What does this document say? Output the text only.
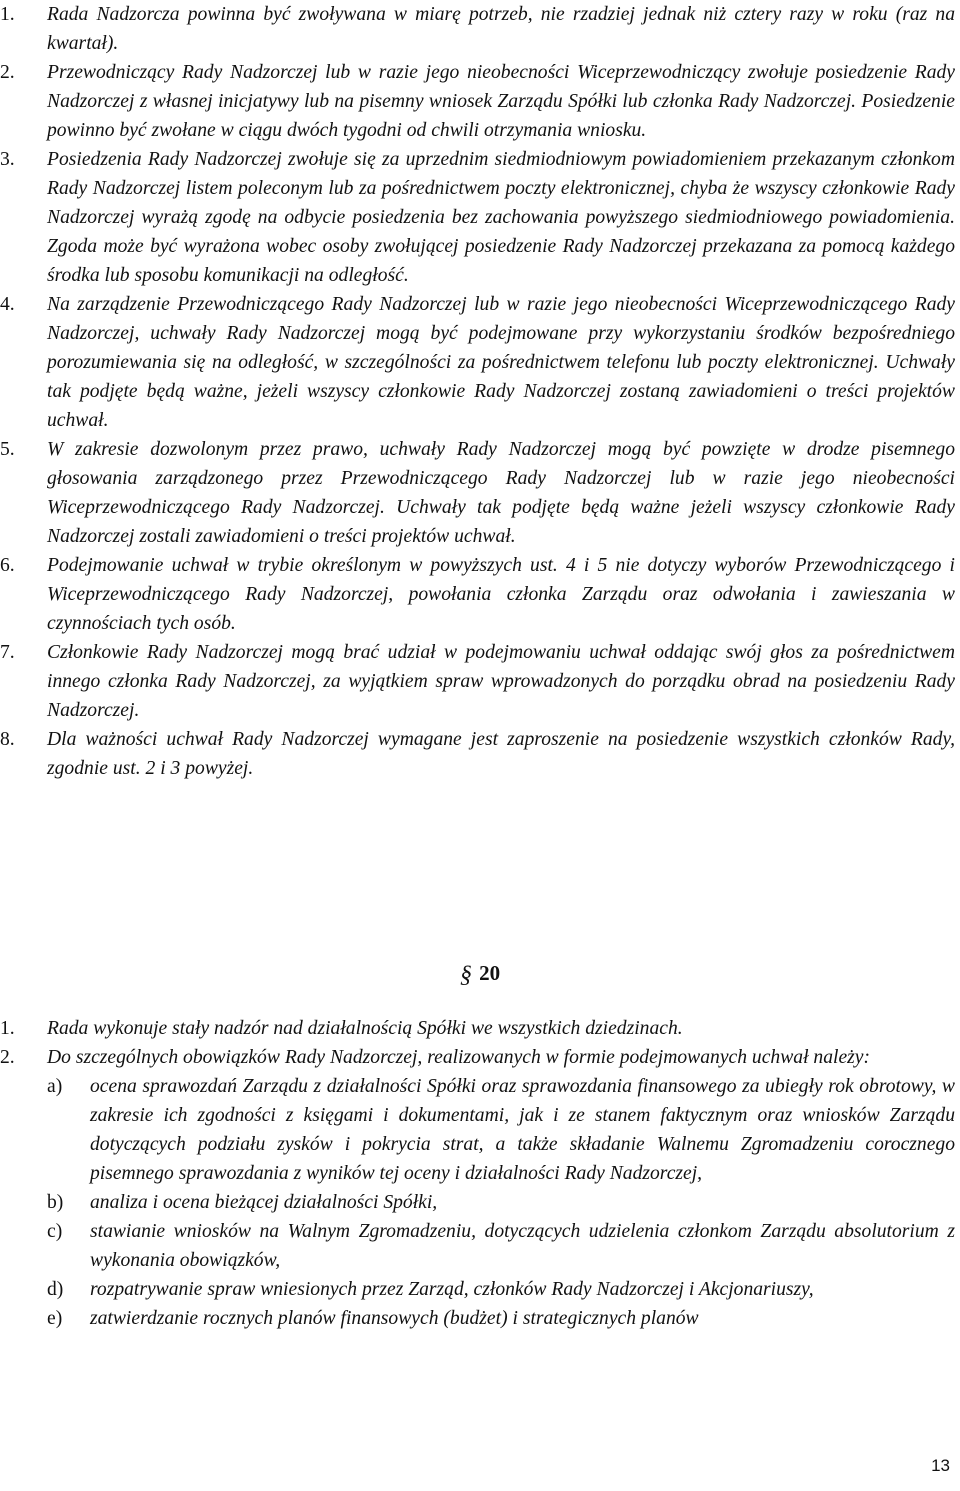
1. Rada Nadzorcza powinna być zwoływana w miarę potrzeb, nie rzadziej jednak niż cztery razy w roku (raz na kwartał).
2. Przewodniczący Rady Nadzorczej lub w razie jego nieobecności Wiceprzewodniczący zwołuje posiedzenie Rady Nadzorczej z własnej inicjatywy lub na pisemny wniosek Zarządu Spółki lub członka Rady Nadzorczej. Posiedzenie powinno być zwołane w ciągu dwóch tygodni od chwili otrzymania wniosku.
3. Posiedzenia Rady Nadzorczej zwołuje się za uprzednim siedmiodniowym powiadomieniem przekazanym członkom Rady Nadzorczej listem poleconym lub za pośrednictwem poczty elektronicznej, chyba że wszyscy członkowie Rady Nadzorczej wyrażą zgodę na odbycie posiedzenia bez zachowania powyższego siedmiodniowego powiadomienia. Zgoda może być wyrażona wobec osoby zwołującej posiedzenie Rady Nadzorczej przekazana za pomocą każdego środka lub sposobu komunikacji na odległość.
4. Na zarządzenie Przewodniczącego Rady Nadzorczej lub w razie jego nieobecności Wiceprzewodniczącego Rady Nadzorczej, uchwały Rady Nadzorczej mogą być podejmowane przy wykorzystaniu środków bezpośredniego porozumiewania się na odległość, w szczególności za pośrednictwem telefonu lub poczty elektronicznej. Uchwały tak podjęte będą ważne, jeżeli wszyscy członkowie Rady Nadzorczej zostaną zawiadomieni o treści projektów uchwał.
5. W zakresie dozwolonym przez prawo, uchwały Rady Nadzorczej mogą być powzięte w drodze pisemnego głosowania zarządzonego przez Przewodniczącego Rady Nadzorczej lub w razie jego nieobecności Wiceprzewodniczącego Rady Nadzorczej. Uchwały tak podjęte będą ważne jeżeli wszyscy członkowie Rady Nadzorczej zostali zawiadomieni o treści projektów uchwał.
6. Podejmowanie uchwał w trybie określonym w powyższych ust. 4 i 5 nie dotyczy wyborów Przewodniczącego i Wiceprzewodniczącego Rady Nadzorczej, powołania członka Zarządu oraz odwołania i zawieszania w czynnościach tych osób.
7. Członkowie Rady Nadzorczej mogą brać udział w podejmowaniu uchwał oddając swój głos za pośrednictwem innego członka Rady Nadzorczej, za wyjątkiem spraw wprowadzonych do porządku obrad na posiedzeniu Rady Nadzorczej.
8. Dla ważności uchwał Rady Nadzorczej wymagane jest zaproszenie na posiedzenie wszystkich członków Rady, zgodnie ust. 2 i 3 powyżej.
§ 20
1. Rada wykonuje stały nadzór nad działalnością Spółki we wszystkich dziedzinach.
2. Do szczególnych obowiązków Rady Nadzorczej, realizowanych w formie podejmowanych uchwał należy:
a) ocena sprawozdań Zarządu z działalności Spółki oraz sprawozdania finansowego za ubiegły rok obrotowy, w zakresie ich zgodności z księgami i dokumentami, jak i ze stanem faktycznym oraz wniosków Zarządu dotyczących podziału zysków i pokrycia strat, a także składanie Walnemu Zgromadzeniu corocznego pisemnego sprawozdania z wyników tej oceny i działalności Rady Nadzorczej,
b) analiza i ocena bieżącej działalności Spółki,
c) stawianie wniosków na Walnym Zgromadzeniu, dotyczących udzielenia członkom Zarządu absolutorium z wykonania obowiązków,
d) rozpatrywanie spraw wniesionych przez Zarząd, członków Rady Nadzorczej i Akcjonariuszy,
e) zatwierdzanie rocznych planów finansowych (budżet) i strategicznych planów
13
